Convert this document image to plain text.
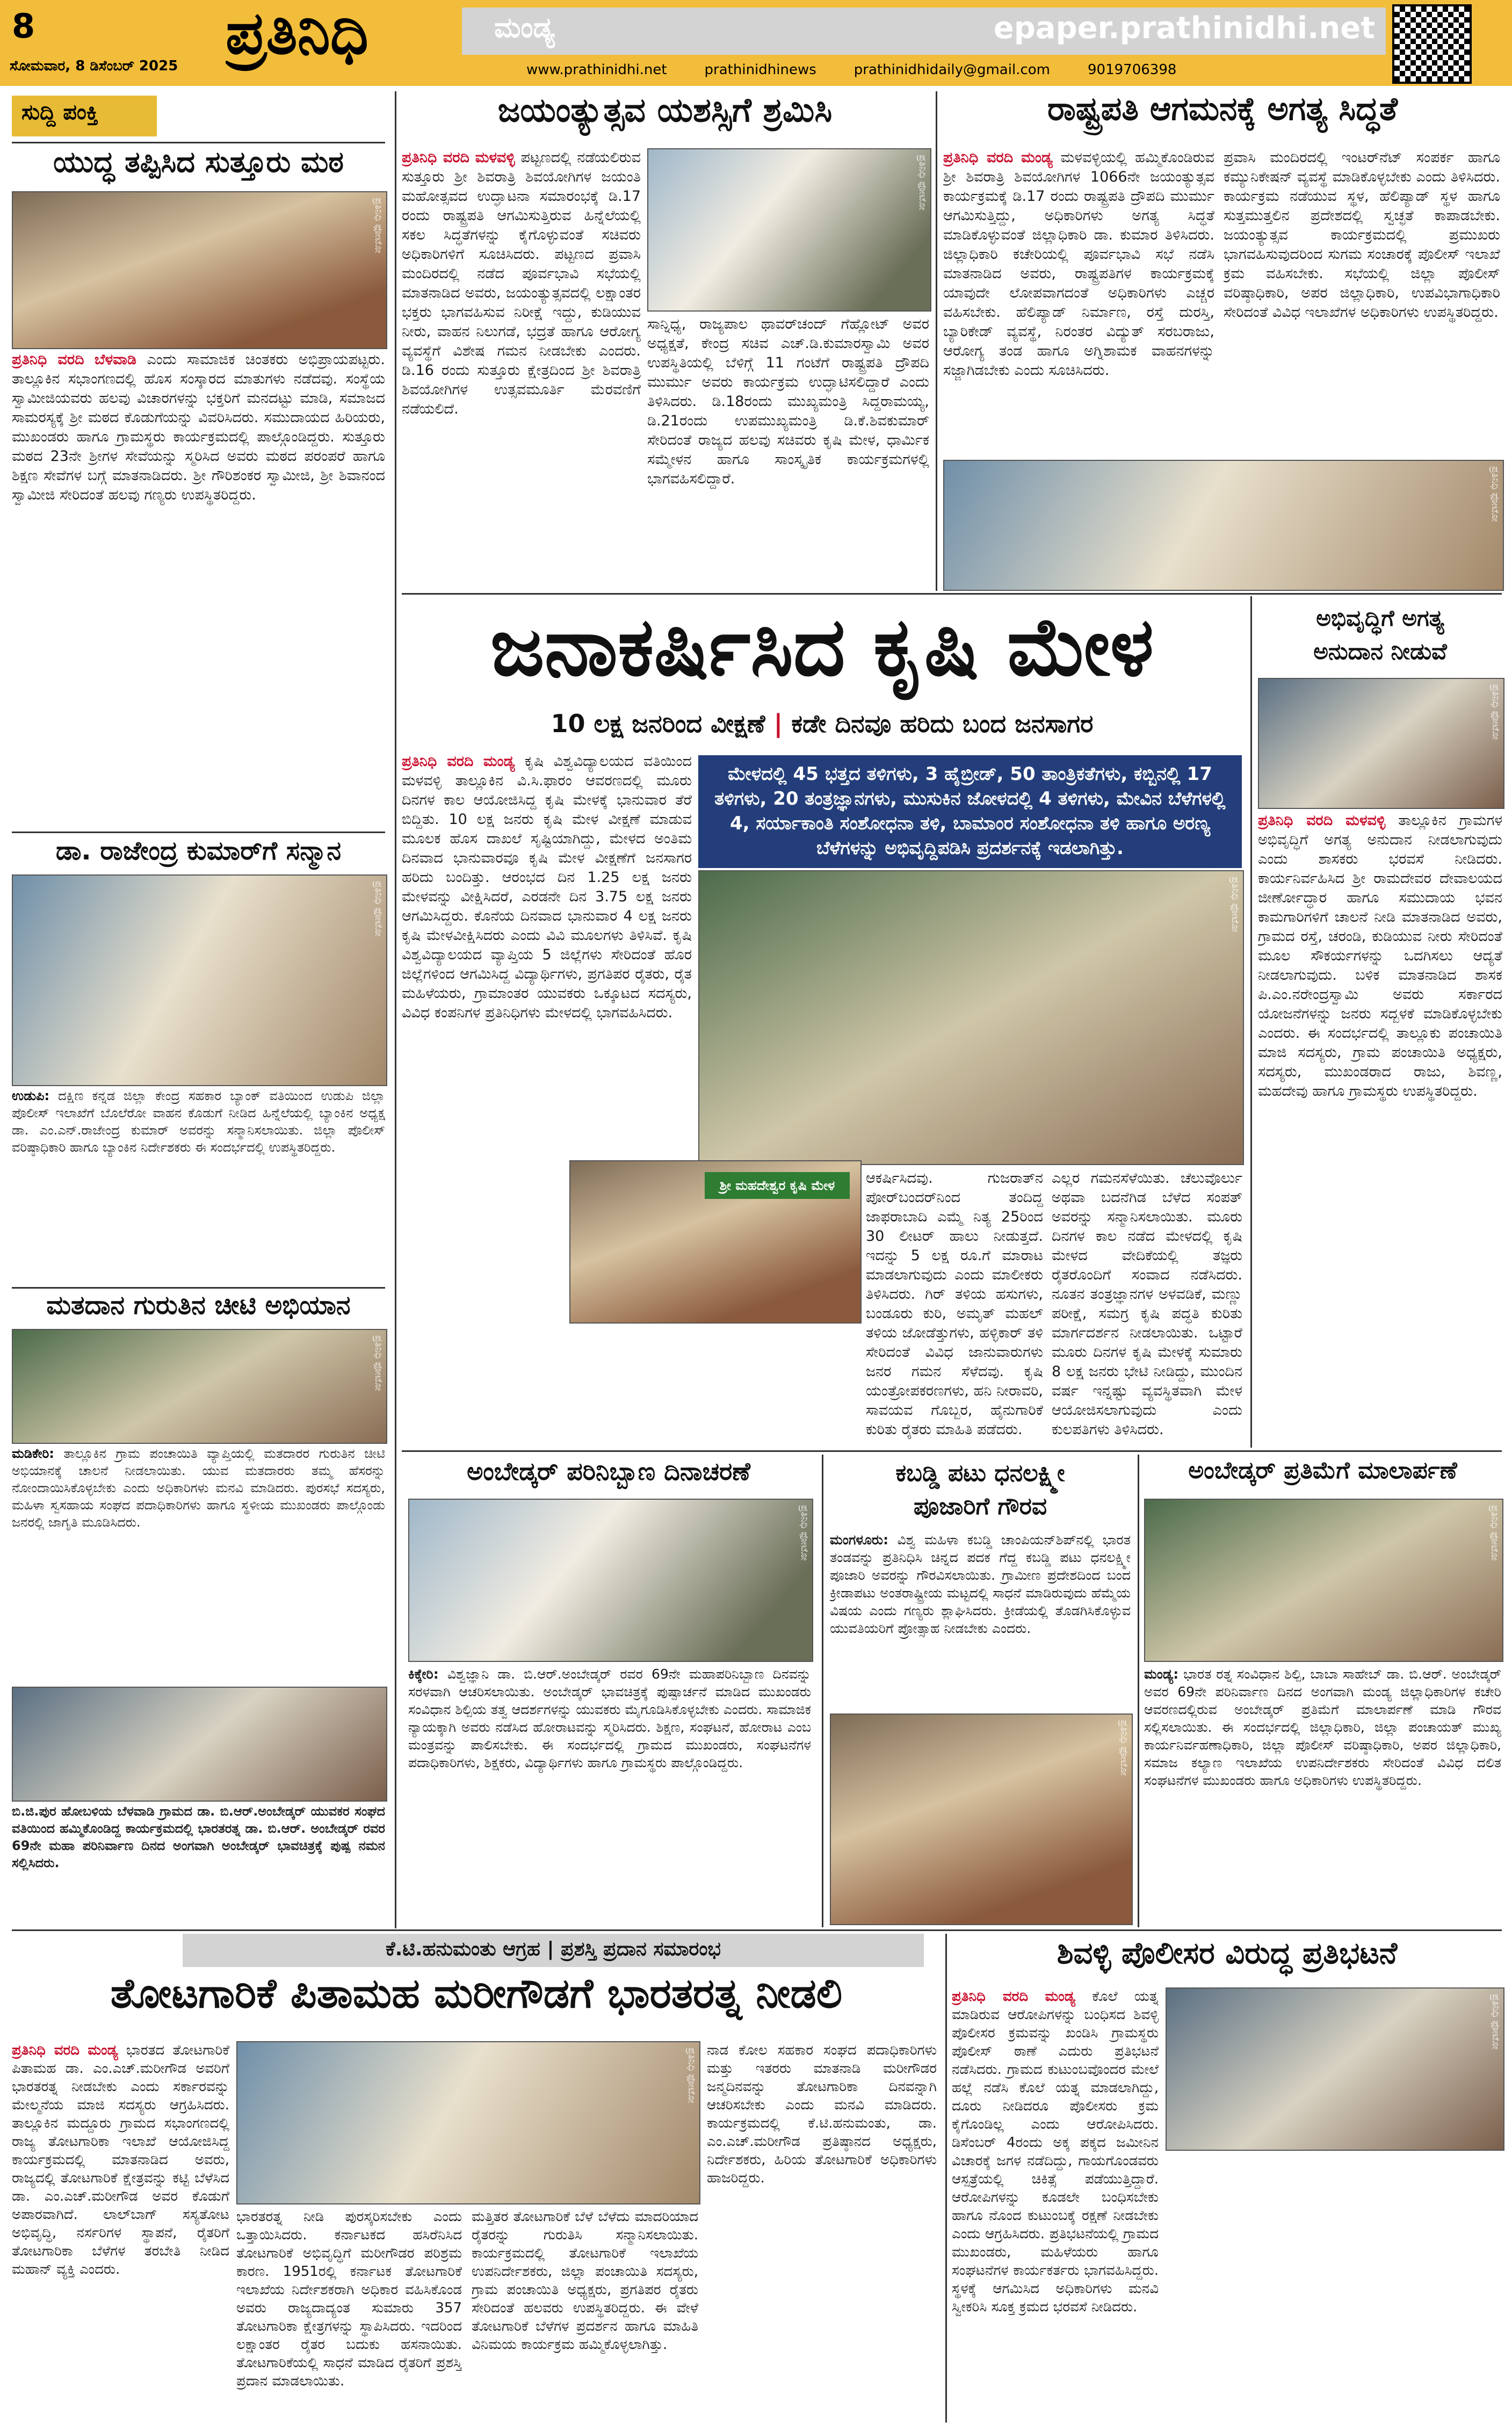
8
ಸೋಮವಾರ, 8 ಡಿಸೆಂಬರ್ 2025 ಪ್ರತಿನಿಧಿ	ಮಂಡ್ಯ	epaper.prathinidhi.net
www.prathinidhi.net	prathinidhinews	prathinidhidaily@gmail.com	9019706398
ಸುದ್ದಿ ಪಂಕ್ತಿ
ಯುದ್ಧ ತಪ್ಪಿಸಿದ ಸುತ್ತೂರು ಮಠ
ಪ್ರತಿನಿಧಿ ಫೋಟೋ
ಪ್ರತಿನಿಧಿ ವರದಿ ಬೆಳವಾಡಿ ಎಂದು ಸಾಮಾಜಿಕ ಚಿಂತಕರು ಅಭಿಪ್ರಾಯಪಟ್ಟರು. ತಾಲ್ಲೂಕಿನ ಸಭಾಂಗಣದಲ್ಲಿ ಹೊಸ ಸಂಸ್ಕಾರದ ಮಾತುಗಳು ನಡೆದವು. ಸಂಸ್ಥೆಯ ಸ್ವಾಮೀಜಿಯವರು ಹಲವು ವಿಚಾರಗಳನ್ನು ಭಕ್ತರಿಗೆ ಮನದಟ್ಟು ಮಾಡಿ, ಸಮಾಜದ ಸಾಮರಸ್ಯಕ್ಕೆ ಶ್ರೀ ಮಠದ ಕೊಡುಗೆಯನ್ನು ವಿವರಿಸಿದರು. ಸಮುದಾಯದ ಹಿರಿಯರು, ಮುಖಂಡರು ಹಾಗೂ ಗ್ರಾಮಸ್ಥರು ಕಾರ್ಯಕ್ರಮದಲ್ಲಿ ಪಾಲ್ಗೊಂಡಿದ್ದರು. ಸುತ್ತೂರು ಮಠದ 23ನೇ ಶ್ರೀಗಳ ಸೇವೆಯನ್ನು ಸ್ಮರಿಸಿದ ಅವರು ಮಠದ ಪರಂಪರೆ ಹಾಗೂ ಶಿಕ್ಷಣ ಸೇವೆಗಳ ಬಗ್ಗೆ ಮಾತನಾಡಿದರು. ಶ್ರೀ ಗೌರಿಶಂಕರ ಸ್ವಾಮೀಜಿ, ಶ್ರೀ ಶಿವಾನಂದ ಸ್ವಾಮೀಜಿ ಸೇರಿದಂತೆ ಹಲವು ಗಣ್ಯರು ಉಪಸ್ಥಿತರಿದ್ದರು.
ಡಾ. ರಾಜೇಂದ್ರ ಕುಮಾರ್‌ಗೆ ಸನ್ಮಾನ
ಪ್ರತಿನಿಧಿ ಫೋಟೋ
ಉಡುಪಿ: ದಕ್ಷಿಣ ಕನ್ನಡ ಜಿಲ್ಲಾ ಕೇಂದ್ರ ಸಹಕಾರ ಬ್ಯಾಂಕ್ ವತಿಯಿಂದ ಉಡುಪಿ ಜಿಲ್ಲಾ ಪೊಲೀಸ್ ಇಲಾಖೆಗೆ ಬೊಲೆರೋ ವಾಹನ ಕೊಡುಗೆ ನೀಡಿದ ಹಿನ್ನೆಲೆಯಲ್ಲಿ ಬ್ಯಾಂಕಿನ ಅಧ್ಯಕ್ಷ ಡಾ. ಎಂ.ಎನ್.ರಾಜೇಂದ್ರ ಕುಮಾರ್ ಅವರನ್ನು ಸನ್ಮಾನಿಸಲಾಯಿತು. ಜಿಲ್ಲಾ ಪೊಲೀಸ್ ವರಿಷ್ಠಾಧಿಕಾರಿ ಹಾಗೂ ಬ್ಯಾಂಕಿನ ನಿರ್ದೇಶಕರು ಈ ಸಂದರ್ಭದಲ್ಲಿ ಉಪಸ್ಥಿತರಿದ್ದರು.
ಮತದಾನ ಗುರುತಿನ ಚೀಟಿ ಅಭಿಯಾನ
ಪ್ರತಿನಿಧಿ ಫೋಟೋ
ಮಡಿಕೇರಿ: ತಾಲ್ಲೂಕಿನ ಗ್ರಾಮ ಪಂಚಾಯಿತಿ ವ್ಯಾಪ್ತಿಯಲ್ಲಿ ಮತದಾರರ ಗುರುತಿನ ಚೀಟಿ ಅಭಿಯಾನಕ್ಕೆ ಚಾಲನೆ ನೀಡಲಾಯಿತು. ಯುವ ಮತದಾರರು ತಮ್ಮ ಹೆಸರನ್ನು ನೋಂದಾಯಿಸಿಕೊಳ್ಳಬೇಕು ಎಂದು ಅಧಿಕಾರಿಗಳು ಮನವಿ ಮಾಡಿದರು. ಪುರಸಭೆ ಸದಸ್ಯರು, ಮಹಿಳಾ ಸ್ವಸಹಾಯ ಸಂಘದ ಪದಾಧಿಕಾರಿಗಳು ಹಾಗೂ ಸ್ಥಳೀಯ ಮುಖಂಡರು ಪಾಲ್ಗೊಂಡು ಜನರಲ್ಲಿ ಜಾಗೃತಿ ಮೂಡಿಸಿದರು.
ಬಿ.ಜಿ.ಪುರ ಹೋಬಳಿಯ ಬೆಳವಾಡಿ ಗ್ರಾಮದ ಡಾ. ಬಿ.ಆರ್.ಅಂಬೇಡ್ಕರ್ ಯುವಕರ ಸಂಘದ ವತಿಯಿಂದ ಹಮ್ಮಿಕೊಂಡಿದ್ದ ಕಾರ್ಯಕ್ರಮದಲ್ಲಿ ಭಾರತರತ್ನ ಡಾ. ಬಿ.ಆರ್. ಅಂಬೇಡ್ಕರ್ ರವರ 69ನೇ ಮಹಾ ಪರಿನಿರ್ವಾಣ ದಿನದ ಅಂಗವಾಗಿ ಅಂಬೇಡ್ಕರ್ ಭಾವಚಿತ್ರಕ್ಕೆ ಪುಷ್ಪ ನಮನ ಸಲ್ಲಿಸಿದರು.
ಜಯಂತ್ಯುತ್ಸವ ಯಶಸ್ಸಿಗೆ ಶ್ರಮಿಸಿ
ಪ್ರತಿನಿಧಿ ವರದಿ ಮಳವಳ್ಳಿ ಪಟ್ಟಣದಲ್ಲಿ ನಡೆಯಲಿರುವ ಸುತ್ತೂರು ಶ್ರೀ ಶಿವರಾತ್ರಿ ಶಿವಯೋಗಿಗಳ ಜಯಂತಿ ಮಹೋತ್ಸವದ ಉದ್ಘಾಟನಾ ಸಮಾರಂಭಕ್ಕೆ ಡಿ.17 ರಂದು ರಾಷ್ಟ್ರಪತಿ ಆಗಮಿಸುತ್ತಿರುವ ಹಿನ್ನೆಲೆಯಲ್ಲಿ ಸಕಲ ಸಿದ್ಧತೆಗಳನ್ನು ಕೈಗೊಳ್ಳುವಂತೆ ಸಚಿವರು ಅಧಿಕಾರಿಗಳಿಗೆ ಸೂಚಿಸಿದರು. ಪಟ್ಟಣದ ಪ್ರವಾಸಿ ಮಂದಿರದಲ್ಲಿ ನಡೆದ ಪೂರ್ವಭಾವಿ ಸಭೆಯಲ್ಲಿ ಮಾತನಾಡಿದ ಅವರು, ಜಯಂತ್ಯುತ್ಸವದಲ್ಲಿ ಲಕ್ಷಾಂತರ ಭಕ್ತರು ಭಾಗವಹಿಸುವ ನಿರೀಕ್ಷೆ ಇದ್ದು, ಕುಡಿಯುವ ನೀರು, ವಾಹನ ನಿಲುಗಡೆ, ಭದ್ರತೆ ಹಾಗೂ ಆರೋಗ್ಯ ವ್ಯವಸ್ಥೆಗೆ ವಿಶೇಷ ಗಮನ ನೀಡಬೇಕು ಎಂದರು. ಡಿ.16 ರಂದು ಸುತ್ತೂರು ಕ್ಷೇತ್ರದಿಂದ ಶ್ರೀ ಶಿವರಾತ್ರಿ ಶಿವಯೋಗಿಗಳ ಉತ್ಸವಮೂರ್ತಿ ಮೆರವಣಿಗೆ ನಡೆಯಲಿದೆ.
ಪ್ರತಿನಿಧಿ ಫೋಟೋ
ಸಾನ್ನಿಧ್ಯ, ರಾಜ್ಯಪಾಲ ಥಾವರ್‌ಚಂದ್ ಗೆಹ್ಲೋಟ್ ಅವರ ಅಧ್ಯಕ್ಷತೆ, ಕೇಂದ್ರ ಸಚಿವ ಎಚ್.ಡಿ.ಕುಮಾರಸ್ವಾಮಿ ಅವರ ಉಪಸ್ಥಿತಿಯಲ್ಲಿ ಬೆಳಿಗ್ಗೆ 11 ಗಂಟೆಗೆ ರಾಷ್ಟ್ರಪತಿ ದ್ರೌಪದಿ ಮುರ್ಮು ಅವರು ಕಾರ್ಯಕ್ರಮ ಉದ್ಘಾಟಿಸಲಿದ್ದಾರೆ ಎಂದು ತಿಳಿಸಿದರು. ಡಿ.18ರಂದು ಮುಖ್ಯಮಂತ್ರಿ ಸಿದ್ದರಾಮಯ್ಯ, ಡಿ.21ರಂದು ಉಪಮುಖ್ಯಮಂತ್ರಿ ಡಿ.ಕೆ.ಶಿವಕುಮಾರ್ ಸೇರಿದಂತೆ ರಾಜ್ಯದ ಹಲವು ಸಚಿವರು ಕೃಷಿ ಮೇಳ, ಧಾರ್ಮಿಕ ಸಮ್ಮೇಳನ ಹಾಗೂ ಸಾಂಸ್ಕೃತಿಕ ಕಾರ್ಯಕ್ರಮಗಳಲ್ಲಿ ಭಾಗವಹಿಸಲಿದ್ದಾರೆ.
ರಾಷ್ಟ್ರಪತಿ ಆಗಮನಕ್ಕೆ ಅಗತ್ಯ ಸಿದ್ಧತೆ
ಪ್ರತಿನಿಧಿ ವರದಿ ಮಂಡ್ಯ ಮಳವಳ್ಳಿಯಲ್ಲಿ ಹಮ್ಮಿಕೊಂಡಿರುವ ಶ್ರೀ ಶಿವರಾತ್ರಿ ಶಿವಯೋಗಿಗಳ 1066ನೇ ಜಯಂತ್ಯುತ್ಸವ ಕಾರ್ಯಕ್ರಮಕ್ಕೆ ಡಿ.17 ರಂದು ರಾಷ್ಟ್ರಪತಿ ದ್ರೌಪದಿ ಮುರ್ಮು ಆಗಮಿಸುತ್ತಿದ್ದು, ಅಧಿಕಾರಿಗಳು ಅಗತ್ಯ ಸಿದ್ಧತೆ ಮಾಡಿಕೊಳ್ಳುವಂತೆ ಜಿಲ್ಲಾಧಿಕಾರಿ ಡಾ. ಕುಮಾರ ತಿಳಿಸಿದರು. ಜಿಲ್ಲಾಧಿಕಾರಿ ಕಚೇರಿಯಲ್ಲಿ ಪೂರ್ವಭಾವಿ ಸಭೆ ನಡೆಸಿ ಮಾತನಾಡಿದ ಅವರು, ರಾಷ್ಟ್ರಪತಿಗಳ ಕಾರ್ಯಕ್ರಮಕ್ಕೆ ಯಾವುದೇ ಲೋಪವಾಗದಂತೆ ಅಧಿಕಾರಿಗಳು ಎಚ್ಚರ ವಹಿಸಬೇಕು. ಹೆಲಿಪ್ಯಾಡ್ ನಿರ್ಮಾಣ, ರಸ್ತೆ ದುರಸ್ತಿ, ಬ್ಯಾರಿಕೇಡ್ ವ್ಯವಸ್ಥೆ, ನಿರಂತರ ವಿದ್ಯುತ್ ಸರಬರಾಜು, ಆರೋಗ್ಯ ತಂಡ ಹಾಗೂ ಅಗ್ನಿಶಾಮಕ ವಾಹನಗಳನ್ನು ಸಜ್ಜಾಗಿಡಬೇಕು ಎಂದು ಸೂಚಿಸಿದರು.
ಪ್ರವಾಸಿ ಮಂದಿರದಲ್ಲಿ ಇಂಟರ್‌ನೆಟ್ ಸಂಪರ್ಕ ಹಾಗೂ ಕಮ್ಯುನಿಕೇಷನ್ ವ್ಯವಸ್ಥೆ ಮಾಡಿಕೊಳ್ಳಬೇಕು ಎಂದು ತಿಳಿಸಿದರು. ಕಾರ್ಯಕ್ರಮ ನಡೆಯುವ ಸ್ಥಳ, ಹೆಲಿಪ್ಯಾಡ್ ಸ್ಥಳ ಹಾಗೂ ಸುತ್ತಮುತ್ತಲಿನ ಪ್ರದೇಶದಲ್ಲಿ ಸ್ವಚ್ಛತೆ ಕಾಪಾಡಬೇಕು. ಜಯಂತ್ಯುತ್ಸವ ಕಾರ್ಯಕ್ರಮದಲ್ಲಿ ಪ್ರಮುಖರು ಭಾಗವಹಿಸುವುದರಿಂದ ಸುಗಮ ಸಂಚಾರಕ್ಕೆ ಪೊಲೀಸ್ ಇಲಾಖೆ ಕ್ರಮ ವಹಿಸಬೇಕು. ಸಭೆಯಲ್ಲಿ ಜಿಲ್ಲಾ ಪೊಲೀಸ್ ವರಿಷ್ಠಾಧಿಕಾರಿ, ಅಪರ ಜಿಲ್ಲಾಧಿಕಾರಿ, ಉಪವಿಭಾಗಾಧಿಕಾರಿ ಸೇರಿದಂತೆ ವಿವಿಧ ಇಲಾಖೆಗಳ ಅಧಿಕಾರಿಗಳು ಉಪಸ್ಥಿತರಿದ್ದರು.
ಪ್ರತಿನಿಧಿ ಫೋಟೋ
ಜನಾಕರ್ಷಿಸಿದ ಕೃಷಿ ಮೇಳ
10 ಲಕ್ಷ ಜನರಿಂದ ವೀಕ್ಷಣೆ | ಕಡೇ ದಿನವೂ ಹರಿದು ಬಂದ ಜನಸಾಗರ
ಪ್ರತಿನಿಧಿ ವರದಿ ಮಂಡ್ಯ ಕೃಷಿ ವಿಶ್ವವಿದ್ಯಾಲಯದ ವತಿಯಿಂದ ಮಳವಳ್ಳಿ ತಾಲ್ಲೂಕಿನ ವಿ.ಸಿ.ಫಾರಂ ಆವರಣದಲ್ಲಿ ಮೂರು ದಿನಗಳ ಕಾಲ ಆಯೋಜಿಸಿದ್ದ ಕೃಷಿ ಮೇಳಕ್ಕೆ ಭಾನುವಾರ ತೆರೆ ಬಿದ್ದಿತು. 10 ಲಕ್ಷ ಜನರು ಕೃಷಿ ಮೇಳ ವೀಕ್ಷಣೆ ಮಾಡುವ ಮೂಲಕ ಹೊಸ ದಾಖಲೆ ಸೃಷ್ಟಿಯಾಗಿದ್ದು, ಮೇಳದ ಅಂತಿಮ ದಿನವಾದ ಭಾನುವಾರವೂ ಕೃಷಿ ಮೇಳ ವೀಕ್ಷಣೆಗೆ ಜನಸಾಗರ ಹರಿದು ಬಂದಿತ್ತು. ಆರಂಭದ ದಿನ 1.25 ಲಕ್ಷ ಜನರು ಮೇಳವನ್ನು ವೀಕ್ಷಿಸಿದರೆ, ಎರಡನೇ ದಿನ 3.75 ಲಕ್ಷ ಜನರು ಆಗಮಿಸಿದ್ದರು. ಕೊನೆಯ ದಿನವಾದ ಭಾನುವಾರ 4 ಲಕ್ಷ ಜನರು ಕೃಷಿ ಮೇಳವೀಕ್ಷಿಸಿದರು ಎಂದು ವಿವಿ ಮೂಲಗಳು ತಿಳಿಸಿವೆ. ಕೃಷಿ ವಿಶ್ವವಿದ್ಯಾಲಯದ ವ್ಯಾಪ್ತಿಯ 5 ಜಿಲ್ಲೆಗಳು ಸೇರಿದಂತೆ ಹೊರ ಜಿಲ್ಲೆಗಳಿಂದ ಆಗಮಿಸಿದ್ದ ವಿದ್ಯಾರ್ಥಿಗಳು, ಪ್ರಗತಿಪರ ರೈತರು, ರೈತ ಮಹಿಳೆಯರು, ಗ್ರಾಮಾಂತರ ಯುವಕರು ಒಕ್ಕೂಟದ ಸದಸ್ಯರು, ವಿವಿಧ ಕಂಪನಿಗಳ ಪ್ರತಿನಿಧಿಗಳು ಮೇಳದಲ್ಲಿ ಭಾಗವಹಿಸಿದರು.
ಮೇಳದಲ್ಲಿ 45 ಭತ್ತದ ತಳಿಗಳು, 3 ಹೈಬ್ರೀಡ್, 50 ತಾಂತ್ರಿಕತೆಗಳು, ಕಬ್ಬಿನಲ್ಲಿ 17 ತಳಿಗಳು, 20 ತಂತ್ರಜ್ಞಾನಗಳು, ಮುಸುಕಿನ ಜೋಳದಲ್ಲಿ 4 ತಳಿಗಳು, ಮೇವಿನ ಬೆಳೆಗಳಲ್ಲಿ 4, ಸರ್ಯಾಕಾಂತಿ ಸಂಶೋಧನಾ ತಳಿ, ಬಾಮಾಂರ ಸಂಶೋಧನಾ ತಳಿ ಹಾಗೂ ಅರಣ್ಯ ಬೆಳೆಗಳನ್ನು ಅಭಿವೃದ್ದಿಪಡಿಸಿ ಪ್ರದರ್ಶನಕ್ಕೆ ಇಡಲಾಗಿತ್ತು.
ಪ್ರತಿನಿಧಿ ಫೋಟೋ
ಶ್ರೀ ಮಹದೇಶ್ವರ ಕೃಷಿ ಮೇಳ	ಆಕರ್ಷಿಸಿದವು. ಗುಜರಾತ್‌ನ ಪೋರ್‌ಬಂದರ್‌ನಿಂದ ತಂದಿದ್ದ ಜಾಫರಾಬಾದಿ ಎಮ್ಮೆ ನಿತ್ಯ 25ರಿಂದ 30 ಲೀಟರ್ ಹಾಲು ನೀಡುತ್ತದೆ. ಇದನ್ನು 5 ಲಕ್ಷ ರೂ.ಗೆ ಮಾರಾಟ ಮಾಡಲಾಗುವುದು ಎಂದು ಮಾಲೀಕರು ತಿಳಿಸಿದರು. ಗಿರ್ ತಳಿಯ ಹಸುಗಳು, ಬಂಡೂರು ಕುರಿ, ಅಮೃತ್ ಮಹಲ್ ತಳಿಯ ಜೋಡೆತ್ತುಗಳು, ಹಳ್ಳಿಕಾರ್ ತಳಿ ಸೇರಿದಂತೆ ವಿವಿಧ ಜಾನುವಾರುಗಳು ಜನರ ಗಮನ ಸೆಳೆದವು. ಕೃಷಿ ಯಂತ್ರೋಪಕರಣಗಳು, ಹನಿ ನೀರಾವರಿ, ಸಾವಯವ ಗೊಬ್ಬರ, ಹೈನುಗಾರಿಕೆ ಕುರಿತು ರೈತರು ಮಾಹಿತಿ ಪಡೆದರು.
ಎಲ್ಲರ ಗಮನಸೆಳೆಯಿತು. ಚೆಲುವೊರ್ಲು ಅಥವಾ ಬದನೆಗಿಡ ಬೆಳೆದ ಸಂಪತ್ ಅವರನ್ನು ಸನ್ಮಾನಿಸಲಾಯಿತು. ಮೂರು ದಿನಗಳ ಕಾಲ ನಡೆದ ಮೇಳದಲ್ಲಿ ಕೃಷಿ ಮೇಳದ ವೇದಿಕೆಯಲ್ಲಿ ತಜ್ಞರು ರೈತರೊಂದಿಗೆ ಸಂವಾದ ನಡೆಸಿದರು. ನೂತನ ತಂತ್ರಜ್ಞಾನಗಳ ಅಳವಡಿಕೆ, ಮಣ್ಣು ಪರೀಕ್ಷೆ, ಸಮಗ್ರ ಕೃಷಿ ಪದ್ಧತಿ ಕುರಿತು ಮಾರ್ಗದರ್ಶನ ನೀಡಲಾಯಿತು. ಒಟ್ಟಾರೆ ಮೂರು ದಿನಗಳ ಕೃಷಿ ಮೇಳಕ್ಕೆ ಸುಮಾರು 8 ಲಕ್ಷ ಜನರು ಭೇಟಿ ನೀಡಿದ್ದು, ಮುಂದಿನ ವರ್ಷ ಇನ್ನಷ್ಟು ವ್ಯವಸ್ಥಿತವಾಗಿ ಮೇಳ ಆಯೋಜಿಸಲಾಗುವುದು ಎಂದು ಕುಲಪತಿಗಳು ತಿಳಿಸಿದರು.
ಅಭಿವೃದ್ಧಿಗೆ ಅಗತ್ಯ
ಅನುದಾನ ನೀಡುವೆ
ಪ್ರತಿನಿಧಿ ಫೋಟೋ
ಪ್ರತಿನಿಧಿ ವರದಿ ಮಳವಳ್ಳಿ ತಾಲ್ಲೂಕಿನ ಗ್ರಾಮಗಳ ಅಭಿವೃದ್ಧಿಗೆ ಅಗತ್ಯ ಅನುದಾನ ನೀಡಲಾಗುವುದು ಎಂದು ಶಾಸಕರು ಭರವಸೆ ನೀಡಿದರು. ಕಾರ್ಯನಿರ್ವಹಿಸಿದ ಶ್ರೀ ರಾಮದೇವರ ದೇವಾಲಯದ ಜೀರ್ಣೋದ್ಧಾರ ಹಾಗೂ ಸಮುದಾಯ ಭವನ ಕಾಮಗಾರಿಗಳಿಗೆ ಚಾಲನೆ ನೀಡಿ ಮಾತನಾಡಿದ ಅವರು, ಗ್ರಾಮದ ರಸ್ತೆ, ಚರಂಡಿ, ಕುಡಿಯುವ ನೀರು ಸೇರಿದಂತೆ ಮೂಲ ಸೌಕರ್ಯಗಳನ್ನು ಒದಗಿಸಲು ಆದ್ಯತೆ ನೀಡಲಾಗುವುದು. ಬಳಿಕ ಮಾತನಾಡಿದ ಶಾಸಕ ಪಿ.ಎಂ.ನರೇಂದ್ರಸ್ವಾಮಿ ಅವರು ಸರ್ಕಾರದ ಯೋಜನೆಗಳನ್ನು ಜನರು ಸದ್ಬಳಕೆ ಮಾಡಿಕೊಳ್ಳಬೇಕು ಎಂದರು. ಈ ಸಂದರ್ಭದಲ್ಲಿ ತಾಲ್ಲೂಕು ಪಂಚಾಯಿತಿ ಮಾಜಿ ಸದಸ್ಯರು, ಗ್ರಾಮ ಪಂಚಾಯಿತಿ ಅಧ್ಯಕ್ಷರು, ಸದಸ್ಯರು, ಮುಖಂಡರಾದ ರಾಜು, ಶಿವಣ್ಣ, ಮಹದೇವು ಹಾಗೂ ಗ್ರಾಮಸ್ಥರು ಉಪಸ್ಥಿತರಿದ್ದರು.
ಅಂಬೇಡ್ಕರ್ ಪರಿನಿಬ್ಬಾಣ ದಿನಾಚರಣೆ
ಪ್ರತಿನಿಧಿ ಫೋಟೋ
ಕಿಕ್ಕೇರಿ: ವಿಶ್ವಜ್ಞಾನಿ ಡಾ. ಬಿ.ಆರ್.ಅಂಬೇಡ್ಕರ್ ರವರ 69ನೇ ಮಹಾಪರಿನಿಬ್ಬಾಣ ದಿನವನ್ನು ಸರಳವಾಗಿ ಆಚರಿಸಲಾಯಿತು. ಅಂಬೇಡ್ಕರ್ ಭಾವಚಿತ್ರಕ್ಕೆ ಪುಷ್ಪಾರ್ಚನೆ ಮಾಡಿದ ಮುಖಂಡರು ಸಂವಿಧಾನ ಶಿಲ್ಪಿಯ ತತ್ವ ಆದರ್ಶಗಳನ್ನು ಯುವಕರು ಮೈಗೂಡಿಸಿಕೊಳ್ಳಬೇಕು ಎಂದರು. ಸಾಮಾಜಿಕ ನ್ಯಾಯಕ್ಕಾಗಿ ಅವರು ನಡೆಸಿದ ಹೋರಾಟವನ್ನು ಸ್ಮರಿಸಿದರು. ಶಿಕ್ಷಣ, ಸಂಘಟನೆ, ಹೋರಾಟ ಎಂಬ ಮಂತ್ರವನ್ನು ಪಾಲಿಸಬೇಕು. ಈ ಸಂದರ್ಭದಲ್ಲಿ ಗ್ರಾಮದ ಮುಖಂಡರು, ಸಂಘಟನೆಗಳ ಪದಾಧಿಕಾರಿಗಳು, ಶಿಕ್ಷಕರು, ವಿದ್ಯಾರ್ಥಿಗಳು ಹಾಗೂ ಗ್ರಾಮಸ್ಥರು ಪಾಲ್ಗೊಂಡಿದ್ದರು.
ಕಬಡ್ಡಿ ಪಟು ಧನಲಕ್ಷ್ಮೀ
ಪೂಜಾರಿಗೆ ಗೌರವ
ಮಂಗಳೂರು: ವಿಶ್ವ ಮಹಿಳಾ ಕಬಡ್ಡಿ ಚಾಂಪಿಯನ್‌ಶಿಪ್‌ನಲ್ಲಿ ಭಾರತ ತಂಡವನ್ನು ಪ್ರತಿನಿಧಿಸಿ ಚಿನ್ನದ ಪದಕ ಗೆದ್ದ ಕಬಡ್ಡಿ ಪಟು ಧನಲಕ್ಷ್ಮೀ ಪೂಜಾರಿ ಅವರನ್ನು ಗೌರವಿಸಲಾಯಿತು. ಗ್ರಾಮೀಣ ಪ್ರದೇಶದಿಂದ ಬಂದ ಕ್ರೀಡಾಪಟು ಅಂತರಾಷ್ಟ್ರೀಯ ಮಟ್ಟದಲ್ಲಿ ಸಾಧನೆ ಮಾಡಿರುವುದು ಹೆಮ್ಮೆಯ ವಿಷಯ ಎಂದು ಗಣ್ಯರು ಶ್ಲಾಘಿಸಿದರು. ಕ್ರೀಡೆಯಲ್ಲಿ ತೊಡಗಿಸಿಕೊಳ್ಳುವ ಯುವತಿಯರಿಗೆ ಪ್ರೋತ್ಸಾಹ ನೀಡಬೇಕು ಎಂದರು.
ಪ್ರತಿನಿಧಿ ಫೋಟೋ
ಅಂಬೇಡ್ಕರ್ ಪ್ರತಿಮೆಗೆ ಮಾಲಾರ್ಪಣೆ
ಪ್ರತಿನಿಧಿ ಫೋಟೋ
ಮಂಡ್ಯ: ಭಾರತ ರತ್ನ ಸಂವಿಧಾನ ಶಿಲ್ಪಿ, ಬಾಬಾ ಸಾಹೇಬ್ ಡಾ. ಬಿ.ಆರ್. ಅಂಬೇಡ್ಕರ್ ಅವರ 69ನೇ ಪರಿನಿರ್ವಾಣ ದಿನದ ಅಂಗವಾಗಿ ಮಂಡ್ಯ ಜಿಲ್ಲಾಧಿಕಾರಿಗಳ ಕಚೇರಿ ಆವರಣದಲ್ಲಿರುವ ಅಂಬೇಡ್ಕರ್ ಪ್ರತಿಮೆಗೆ ಮಾಲಾರ್ಪಣೆ ಮಾಡಿ ಗೌರವ ಸಲ್ಲಿಸಲಾಯಿತು. ಈ ಸಂದರ್ಭದಲ್ಲಿ ಜಿಲ್ಲಾಧಿಕಾರಿ, ಜಿಲ್ಲಾ ಪಂಚಾಯತ್ ಮುಖ್ಯ ಕಾರ್ಯನಿರ್ವಹಣಾಧಿಕಾರಿ, ಜಿಲ್ಲಾ ಪೊಲೀಸ್ ವರಿಷ್ಠಾಧಿಕಾರಿ, ಅಪರ ಜಿಲ್ಲಾಧಿಕಾರಿ, ಸಮಾಜ ಕಲ್ಯಾಣ ಇಲಾಖೆಯ ಉಪನಿರ್ದೇಶಕರು ಸೇರಿದಂತೆ ವಿವಿಧ ದಲಿತ ಸಂಘಟನೆಗಳ ಮುಖಂಡರು ಹಾಗೂ ಅಧಿಕಾರಿಗಳು ಉಪಸ್ಥಿತರಿದ್ದರು.
ಕೆ.ಟಿ.ಹನುಮಂತು ಆಗ್ರಹ | ಪ್ರಶಸ್ತಿ ಪ್ರದಾನ ಸಮಾರಂಭ
ತೋಟಗಾರಿಕೆ ಪಿತಾಮಹ ಮರೀಗೌಡಗೆ ಭಾರತರತ್ನ ನೀಡಲಿ
ಪ್ರತಿನಿಧಿ ವರದಿ ಮಂಡ್ಯ ಭಾರತದ ತೋಟಗಾರಿಕೆ ಪಿತಾಮಹ ಡಾ. ಎಂ.ಎಚ್.ಮರೀಗೌಡ ಅವರಿಗೆ ಭಾರತರತ್ನ ನೀಡಬೇಕು ಎಂದು ಸರ್ಕಾರವನ್ನು ಮೇಲ್ಮನೆಯ ಮಾಜಿ ಸದಸ್ಯರು ಆಗ್ರಹಿಸಿದರು. ತಾಲ್ಲೂಕಿನ ಮದ್ದೂರು ಗ್ರಾಮದ ಸಭಾಂಗಣದಲ್ಲಿ ರಾಜ್ಯ ತೋಟಗಾರಿಕಾ ಇಲಾಖೆ ಆಯೋಜಿಸಿದ್ದ ಕಾರ್ಯಕ್ರಮದಲ್ಲಿ ಮಾತನಾಡಿದ ಅವರು, ರಾಜ್ಯದಲ್ಲಿ ತೋಟಗಾರಿಕೆ ಕ್ಷೇತ್ರವನ್ನು ಕಟ್ಟಿ ಬೆಳೆಸಿದ ಡಾ. ಎಂ.ಎಚ್.ಮರೀಗೌಡ ಅವರ ಕೊಡುಗೆ ಅಪಾರವಾಗಿದೆ. ಲಾಲ್‌ಬಾಗ್ ಸಸ್ಯತೋಟ ಅಭಿವೃದ್ಧಿ, ನರ್ಸರಿಗಳ ಸ್ಥಾಪನೆ, ರೈತರಿಗೆ ತೋಟಗಾರಿಕಾ ಬೆಳೆಗಳ ತರಬೇತಿ ನೀಡಿದ ಮಹಾನ್ ವ್ಯಕ್ತಿ ಎಂದರು.
ಪ್ರತಿನಿಧಿ ಫೋಟೋ
ಭಾರತರತ್ನ ನೀಡಿ ಪುರಸ್ಕರಿಸಬೇಕು ಎಂದು ಒತ್ತಾಯಿಸಿದರು. ಕರ್ನಾಟಕದ ಹಸಿರೆನಿಸಿದ ತೋಟಗಾರಿಕೆ ಅಭಿವೃದ್ಧಿಗೆ ಮರೀಗೌಡರ ಪರಿಶ್ರಮ ಕಾರಣ. 1951ರಲ್ಲಿ ಕರ್ನಾಟಕ ತೋಟಗಾರಿಕೆ ಇಲಾಖೆಯ ನಿರ್ದೇಶಕರಾಗಿ ಅಧಿಕಾರ ವಹಿಸಿಕೊಂಡ ಅವರು ರಾಜ್ಯದಾದ್ಯಂತ ಸುಮಾರು 357 ತೋಟಗಾರಿಕಾ ಕ್ಷೇತ್ರಗಳನ್ನು ಸ್ಥಾಪಿಸಿದರು. ಇದರಿಂದ ಲಕ್ಷಾಂತರ ರೈತರ ಬದುಕು ಹಸನಾಯಿತು. ತೋಟಗಾರಿಕೆಯಲ್ಲಿ ಸಾಧನೆ ಮಾಡಿದ ರೈತರಿಗೆ ಪ್ರಶಸ್ತಿ ಪ್ರದಾನ ಮಾಡಲಾಯಿತು.
ಮತ್ತಿತರ ತೋಟಗಾರಿಕೆ ಬೆಳೆ ಬೆಳೆದು ಮಾದರಿಯಾದ ರೈತರನ್ನು ಗುರುತಿಸಿ ಸನ್ಮಾನಿಸಲಾಯಿತು. ಕಾರ್ಯಕ್ರಮದಲ್ಲಿ ತೋಟಗಾರಿಕೆ ಇಲಾಖೆಯ ಉಪನಿರ್ದೇಶಕರು, ಜಿಲ್ಲಾ ಪಂಚಾಯಿತಿ ಸದಸ್ಯರು, ಗ್ರಾಮ ಪಂಚಾಯಿತಿ ಅಧ್ಯಕ್ಷರು, ಪ್ರಗತಿಪರ ರೈತರು ಸೇರಿದಂತೆ ಹಲವರು ಉಪಸ್ಥಿತರಿದ್ದರು. ಈ ವೇಳೆ ತೋಟಗಾರಿಕೆ ಬೆಳೆಗಳ ಪ್ರದರ್ಶನ ಹಾಗೂ ಮಾಹಿತಿ ವಿನಿಮಯ ಕಾರ್ಯಕ್ರಮ ಹಮ್ಮಿಕೊಳ್ಳಲಾಗಿತ್ತು.
ನಾಡ ಕೋಲ ಸಹಕಾರ ಸಂಘದ ಪದಾಧಿಕಾರಿಗಳು ಮತ್ತು ಇತರರು ಮಾತನಾಡಿ ಮರೀಗೌಡರ ಜನ್ಮದಿನವನ್ನು ತೋಟಗಾರಿಕಾ ದಿನವನ್ನಾಗಿ ಆಚರಿಸಬೇಕು ಎಂದು ಮನವಿ ಮಾಡಿದರು. ಕಾರ್ಯಕ್ರಮದಲ್ಲಿ ಕೆ.ಟಿ.ಹನುಮಂತು, ಡಾ. ಎಂ.ಎಚ್.ಮರೀಗೌಡ ಪ್ರತಿಷ್ಠಾನದ ಅಧ್ಯಕ್ಷರು, ನಿರ್ದೇಶಕರು, ಹಿರಿಯ ತೋಟಗಾರಿಕೆ ಅಧಿಕಾರಿಗಳು ಹಾಜರಿದ್ದರು.
ಶಿವಳ್ಳಿ ಪೊಲೀಸರ ವಿರುದ್ಧ ಪ್ರತಿಭಟನೆ
ಪ್ರತಿನಿಧಿ ಫೋಟೋ
ಪ್ರತಿನಿಧಿ ವರದಿ ಮಂಡ್ಯ ಕೊಲೆ ಯತ್ನ ಮಾಡಿರುವ ಆರೋಪಿಗಳನ್ನು ಬಂಧಿಸದ ಶಿವಳ್ಳಿ ಪೊಲೀಸರ ಕ್ರಮವನ್ನು ಖಂಡಿಸಿ ಗ್ರಾಮಸ್ಥರು ಪೊಲೀಸ್ ಠಾಣೆ ಎದುರು ಪ್ರತಿಭಟನೆ ನಡೆಸಿದರು. ಗ್ರಾಮದ ಕುಟುಂಬವೊಂದರ ಮೇಲೆ ಹಲ್ಲೆ ನಡೆಸಿ ಕೊಲೆ ಯತ್ನ ಮಾಡಲಾಗಿದ್ದು, ದೂರು ನೀಡಿದರೂ ಪೊಲೀಸರು ಕ್ರಮ ಕೈಗೊಂಡಿಲ್ಲ ಎಂದು ಆರೋಪಿಸಿದರು. ಡಿಸೆಂಬರ್ 4ರಂದು ಅಕ್ಕ ಪಕ್ಕದ ಜಮೀನಿನ ವಿಚಾರಕ್ಕೆ ಜಗಳ ನಡೆದಿದ್ದು, ಗಾಯಗೊಂಡವರು ಆಸ್ಪತ್ರೆಯಲ್ಲಿ ಚಿಕಿತ್ಸೆ ಪಡೆಯುತ್ತಿದ್ದಾರೆ. ಆರೋಪಿಗಳನ್ನು ಕೂಡಲೇ ಬಂಧಿಸಬೇಕು ಹಾಗೂ ನೊಂದ ಕುಟುಂಬಕ್ಕೆ ರಕ್ಷಣೆ ನೀಡಬೇಕು ಎಂದು ಆಗ್ರಹಿಸಿದರು. ಪ್ರತಿಭಟನೆಯಲ್ಲಿ ಗ್ರಾಮದ ಮುಖಂಡರು, ಮಹಿಳೆಯರು ಹಾಗೂ ಸಂಘಟನೆಗಳ ಕಾರ್ಯಕರ್ತರು ಭಾಗವಹಿಸಿದ್ದರು. ಸ್ಥಳಕ್ಕೆ ಆಗಮಿಸಿದ ಅಧಿಕಾರಿಗಳು ಮನವಿ ಸ್ವೀಕರಿಸಿ ಸೂಕ್ತ ಕ್ರಮದ ಭರವಸೆ ನೀಡಿದರು.
